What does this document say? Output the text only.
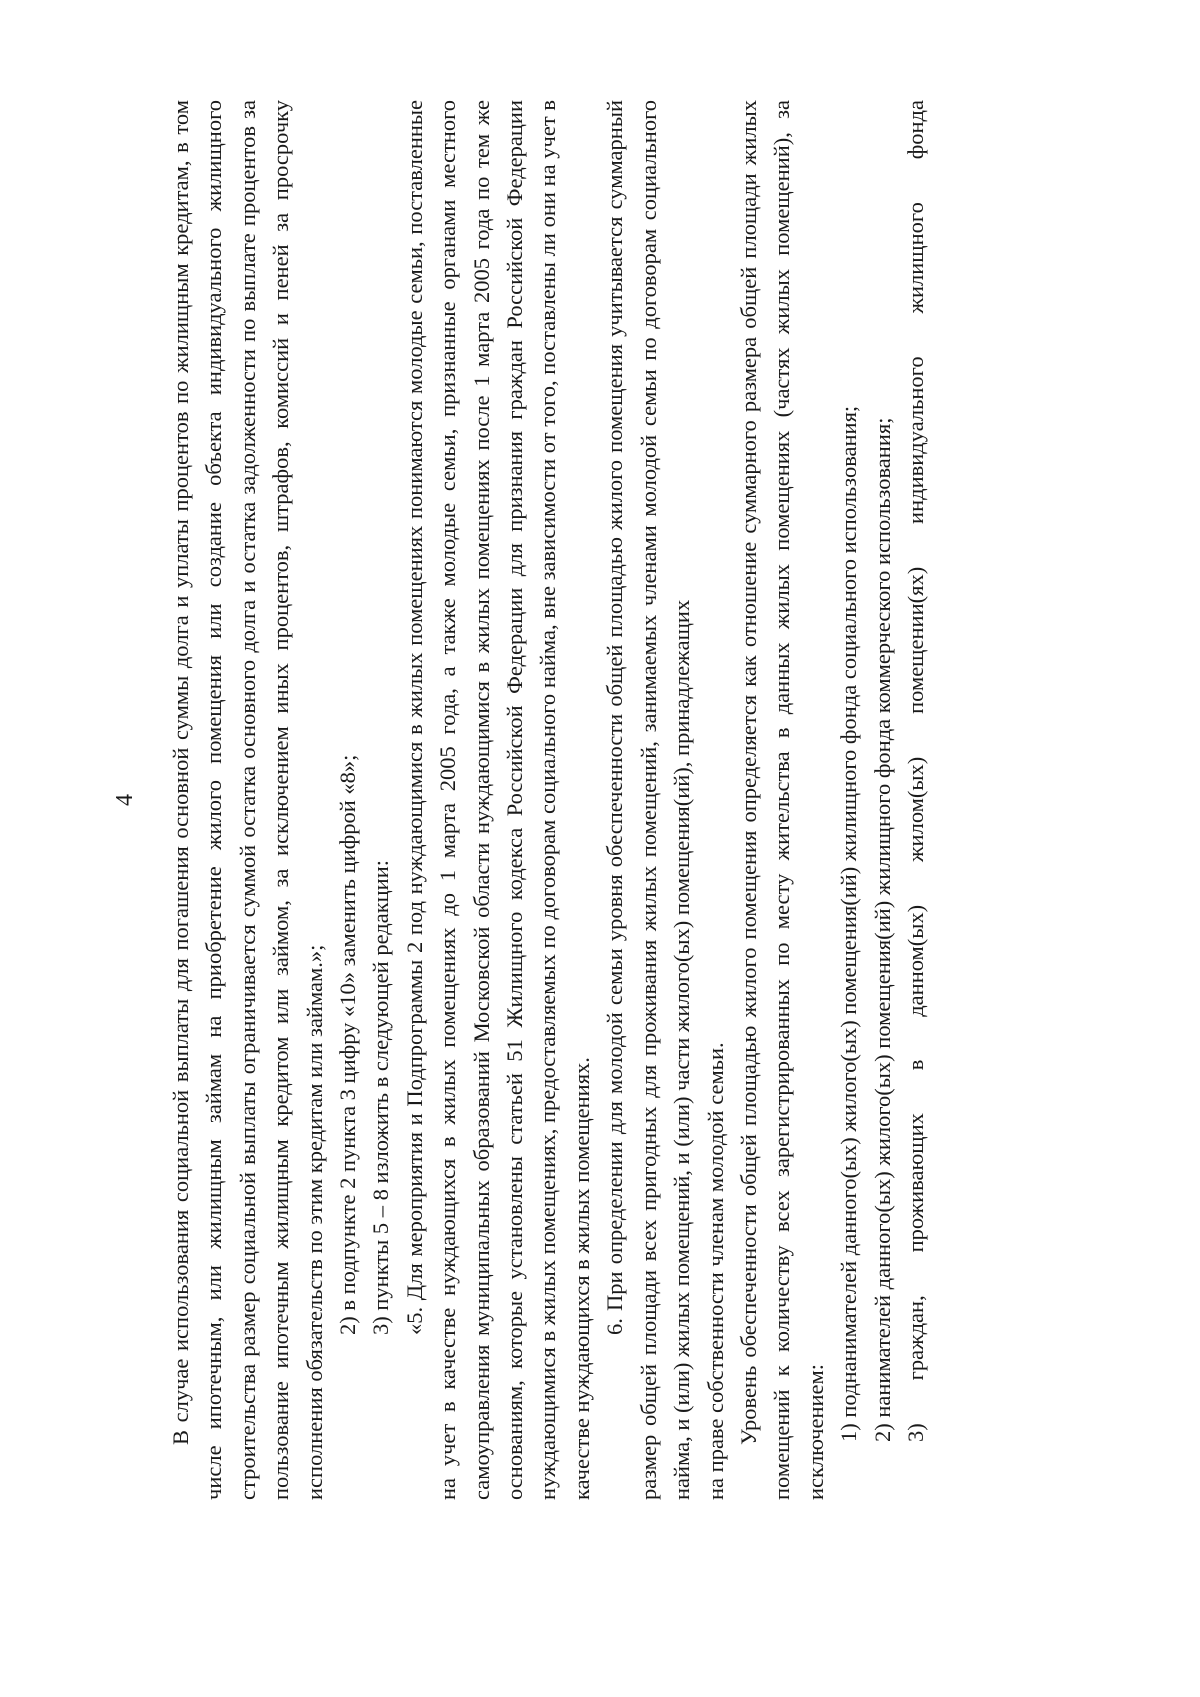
4 В случае использования социальной выплаты для погашения основной суммы долга и уплаты процентов по жилищным кредитам, в том числе ипотечным, или жилищным займам на приобретение жилого помещения или создание объекта индивидуального жилищного строительства размер социальной выплаты ограничивается суммой остатка основного долга и остатка задолженности по выплате процентов за пользование ипотечным жилищным кредитом или займом, за исключением иных процентов, штрафов, комиссий и пеней за просрочку исполнения обязательств по этим кредитам или займам.»; 2) в подпункте 2 пункта 3 цифру «10» заменить цифрой «8»; 3) пункты 5 – 8 изложить в следующей редакции: «5. Для мероприятия и Подпрограммы 2 под нуждающимися в жилых помещениях понимаются молодые семьи, поставленные на учет в качестве нуждающихся в жилых помещениях до 1 марта 2005 года, а также молодые семьи, признанные органами местного самоуправления муниципальных образований Московской области нуждающимися в жилых помещениях после 1 марта 2005 года по тем же основаниям, которые установлены статьей 51 Жилищного кодекса Российской Федерации для признания граждан Российской Федерации нуждающимися в жилых помещениях, предоставляемых по договорам социального найма, вне зависимости от того, поставлены ли они на учет в качестве нуждающихся в жилых помещениях. 6. При определении для молодой семьи уровня обеспеченности общей площадью жилого помещения учитывается суммарный размер общей площади всех пригодных для проживания жилых помещений, занимаемых членами молодой семьи по договорам социального найма, и (или) жилых помещений, и (или) части жилого(ых) помещения(ий), принадлежащих на праве собственности членам молодой семьи. Уровень обеспеченности общей площадью жилого помещения определяется как отношение суммарного размера общей площади жилых помещений к количеству всех зарегистрированных по месту жительства в данных жилых помещениях (частях жилых помещений), за исключением: 1) поднанимателей данного(ых) жилого(ых) помещения(ий) жилищного фонда социального использования; 2) нанимателей данного(ых) жилого(ых) помещения(ий) жилищного фонда коммерческого использования; 3) граждан, проживающих в данном(ых) жилом(ых) помещении(ях) индивидуального жилищного фонда
